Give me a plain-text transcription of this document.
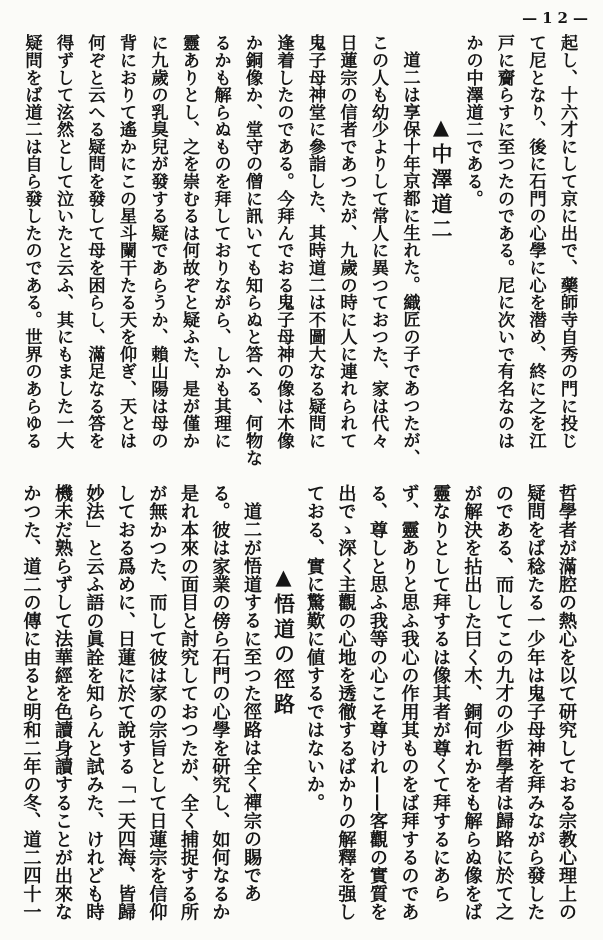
—12—
起し、十六才にして京に出で、藥師寺自秀の門に投じ
て尼となり、後に石門の心學に心を潜め、終に之を江
戸に齎らすに至つたのである。尼に次いで有名なのは
かの中澤道二である。
▲中澤道二
道二は享保十年京都に生れた。織匠の子であつたが、
この人も幼少よりして常人に異つておつた、家は代々
日蓮宗の信者であつたが、九歲の時に人に連れられて
鬼子母神堂に參詣した、其時道二は不圖大なる疑問に
逢着したのである。今拜んでおる鬼子母神の像は木像
か銅像か、堂守の僧に訊いても知らぬと答へる、何物な
るかも解らぬものを拜しておりながら、しかも其理に
靈ありとし、之を崇むるは何故ぞと疑ふた、是が僅か
に九歲の乳臭兒が發する疑であらうか、賴山陽は母の
背におりて遙かにこの星斗闌干たる天を仰ぎ、天とは
何ぞと云へる疑問を發して母を困らし、滿足なる答を
得ずして泫然として泣いたと云ふ、其にもました一大
疑問をば道二は自ら發したのである。世界のあらゆる
哲學者が滿腔の熱心を以て研究しておる宗教心理上の
疑問をば稔たる一少年は鬼子母神を拜みながら發した
のである、而してこの九才の少哲學者は歸路に於て之
が解決を拈出した曰く木、銅何れかをも解らぬ像をば
靈なりとして拜するは像其者が尊くて拜するにあら
ず、靈ありと思ふ我心の作用其ものをば拜するのであ
る、尊しと思ふ我等の心こそ尊けれ——客觀の實質を
出でゝ深く主觀の心地を透徹するばかりの解釋を强し
ておる、實に驚歎に値するではないか。
▲悟道の徑路
道二が悟道するに至つた徑路は全く禪宗の賜であ
る。彼は家業の傍ら石門の心學を研究し、如何なるか
是れ本來の面目と討究しておつたが、全く捕捉する所
が無かつた、而して彼は家の宗旨として日蓮宗を信仰
しておる爲めに、日蓮に於て說する「一天四海、皆歸
妙法」と云ふ語の眞詮を知らんと試みた、けれども時
機未だ熟らずして法華經を色讀身讀することが出來な
かつた、道二の傳に由ると明和二年の冬、道二四十一
